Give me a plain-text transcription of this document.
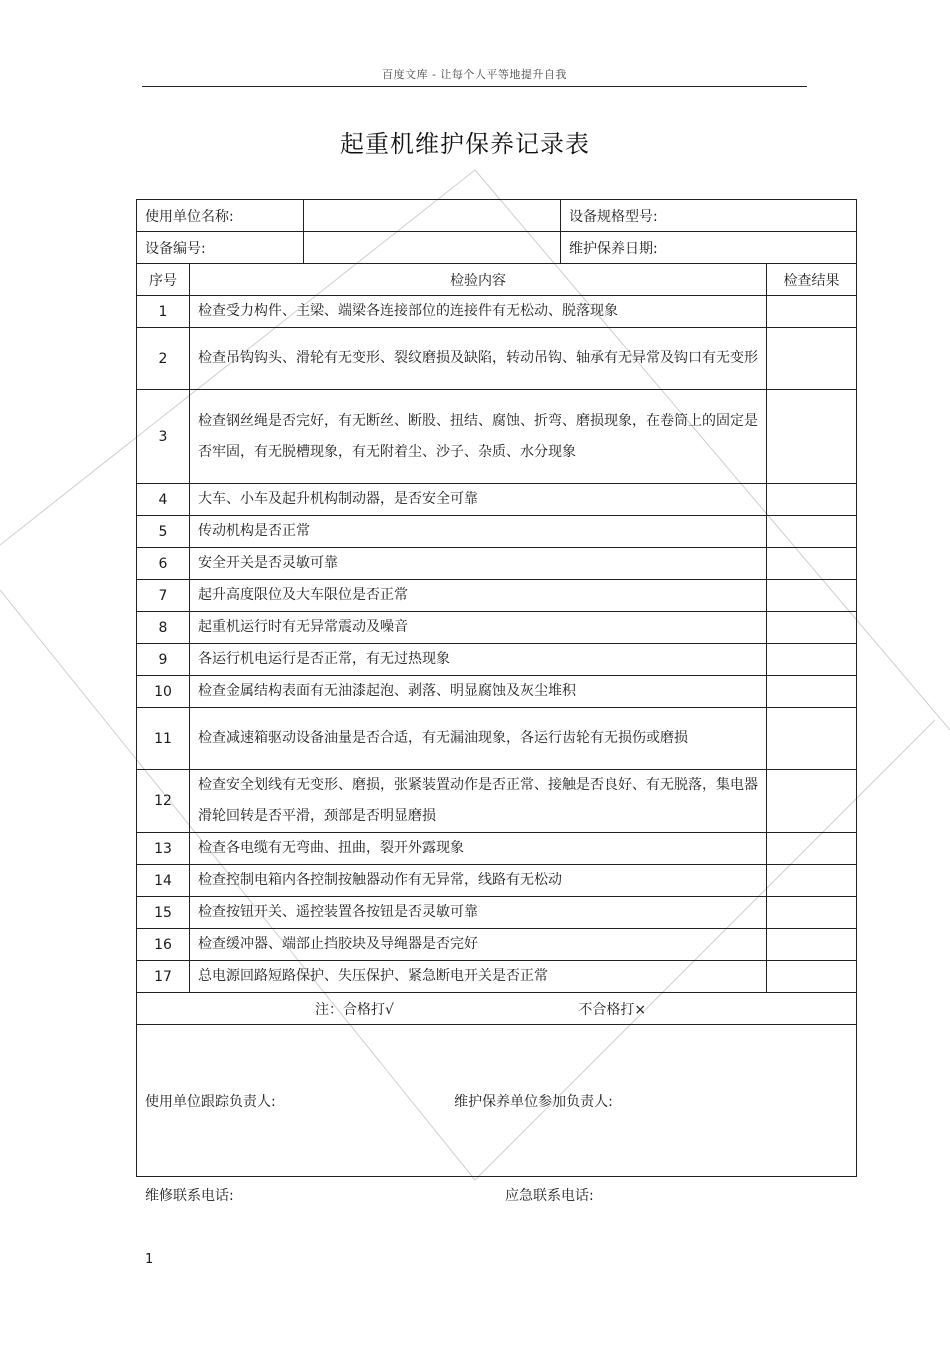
百度文库 - 让每个人平等地提升自我
起重机维护保养记录表
使用单位名称:			设备规格型号:	
设备编号:			维护保养日期:	
序号	检验内容			检查结果
1	检查受力构件、主梁、端梁各连接部位的连接件有无松动、脱落现象			
2	检查吊钩钩头、滑轮有无变形、裂纹磨损及缺陷，转动吊钩、轴承有无异常及钩口有无变形			
3	检查钢丝绳是否完好，有无断丝、断股、扭结、腐蚀、折弯、磨损现象，在卷筒上的固定是否牢固，有无脱槽现象，有无附着尘、沙子、杂质、水分现象			
4	大车、小车及起升机构制动器，是否安全可靠			
5	传动机构是否正常			
6	安全开关是否灵敏可靠			
7	起升高度限位及大车限位是否正常			
8	起重机运行时有无异常震动及噪音			
9	各运行机电运行是否正常，有无过热现象			
10	检查金属结构表面有无油漆起泡、剥落、明显腐蚀及灰尘堆积			
11	检查减速箱驱动设备油量是否合适，有无漏油现象，各运行齿轮有无损伤或磨损			
12	检查安全划线有无变形、磨损，张紧装置动作是否正常、接触是否良好、有无脱落，集电器滑轮回转是否平滑，颈部是否明显磨损			
13	检查各电缆有无弯曲、扭曲，裂开外露现象			
14	检查控制电箱内各控制按触器动作有无异常，线路有无松动			
15	检查按钮开关、遥控装置各按钮是否灵敏可靠			
16	检查缓冲器、端部止挡胶块及导绳器是否完好			
17	总电源回路短路保护、失压保护、紧急断电开关是否正常			
注：合格打√ 不合格打×				
使用单位跟踪负责人: 维护保养单位参加负责人:				
维修联系电话:	应急联系电话:
1
